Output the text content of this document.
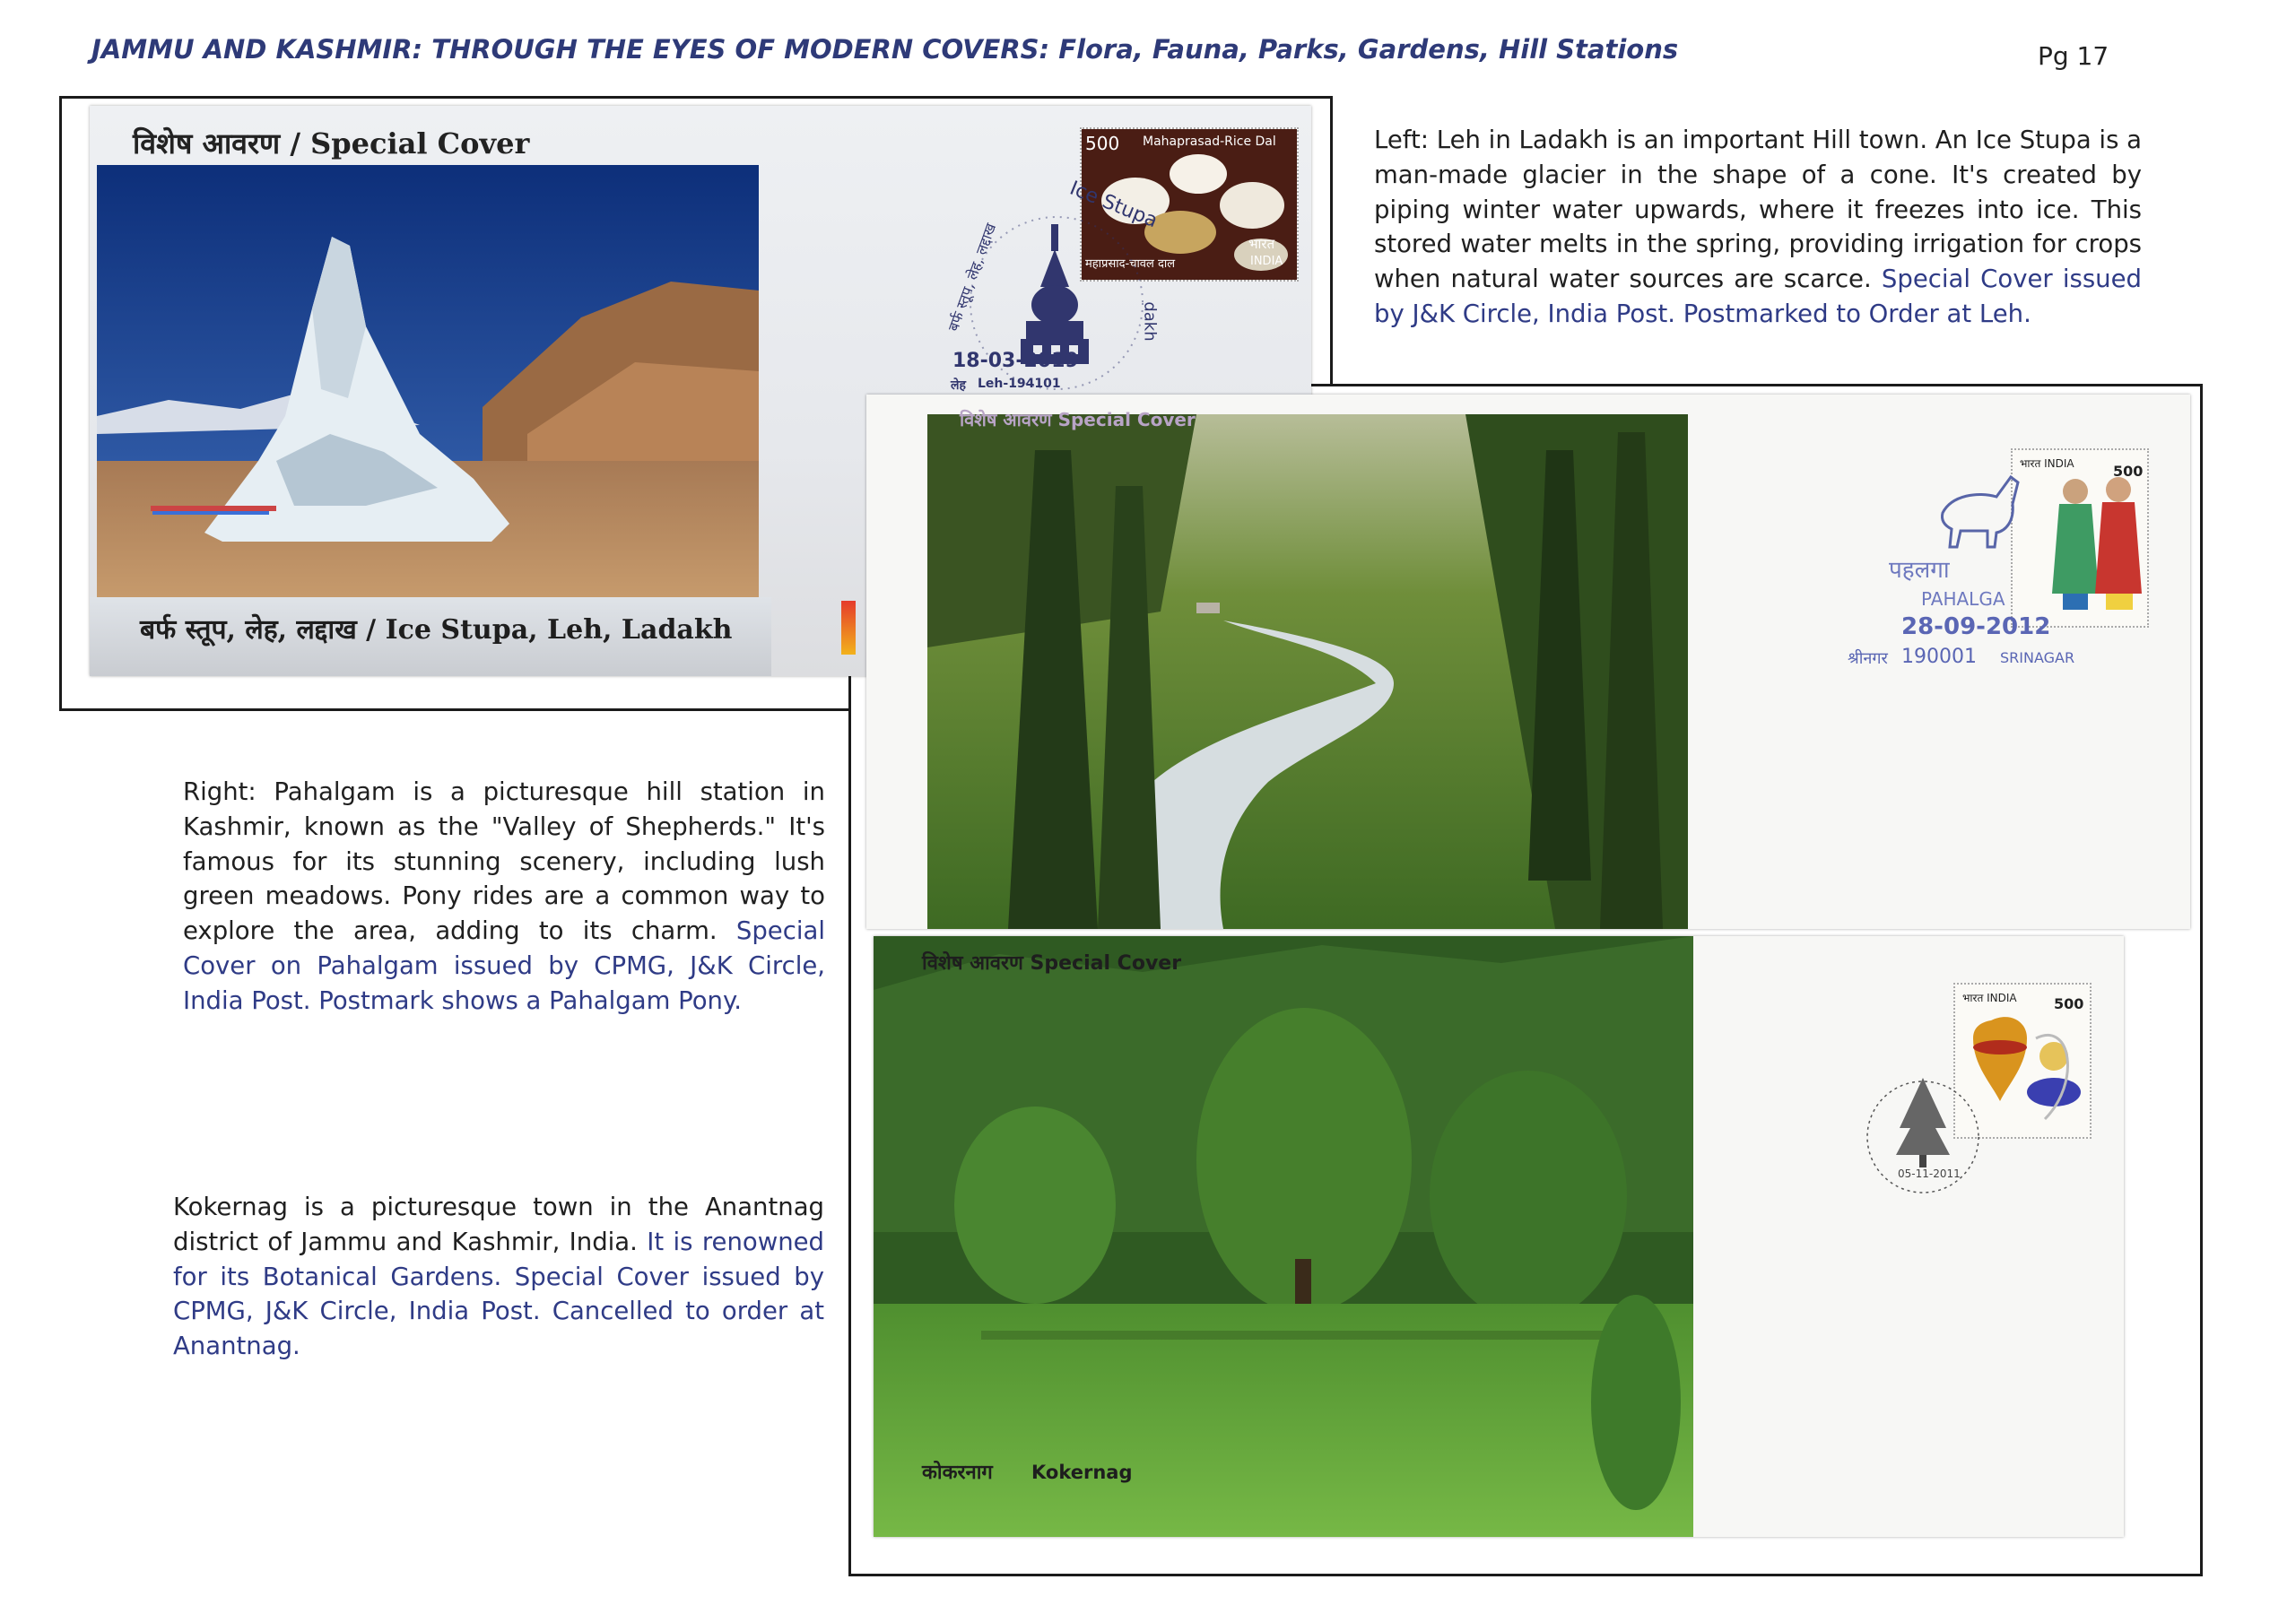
JAMMU AND KASHMIR: THROUGH THE EYES OF MODERN COVERS: Flora, Fauna, Parks, Gardens, Hill Stations	Pg 17
Left: Leh in Ladakh is an important Hill town. An Ice Stupa is a man-made glacier in the shape of a cone. It's created by piping winter water upwards, where it freezes into ice. This stored water melts in the spring, providing irrigation for crops when natural water sources are scarce. Special Cover issued by J&K Circle, India Post. Postmarked to Order at Leh.
Right: Pahalgam is a picturesque hill station in Kashmir, known as the "Valley of Shepherds." It's famous for its stunning scenery, including lush green meadows. Pony rides are a common way to explore the area, adding to its charm. Special Cover on Pahalgam issued by CPMG, J&K Circle, India Post. Postmark shows a Pahalgam Pony.
Kokernag is a picturesque town in the Anantnag district of Jammu and Kashmir, India. It is renowned for its Botanical Gardens. Special Cover issued by CPMG, J&K Circle, India Post. Cancelled to order at Anantnag.
विशेष आवरण / Special Cover
बर्फ स्तूप, लेह, लद्दाख / Ice Stupa, Leh, Ladakh
500 Mahaprasad-Rice Dal
महाप्रसाद-चावल दाल
भारत
INDIA
Ice Stupa
dakh
बर्फ स्तूप, लेह, लद्दाख
18-03-2019
लेह Leh-194101
विशेष आवरण Special Cover
भारत INDIA	500
पहलगा
PAHALGA
28-09-2012
श्रीनगर 190001 SRINAGAR
विशेष आवरण Special Cover
कोकरनाग Kokernag
भारत INDIA	500
05-11-2011
